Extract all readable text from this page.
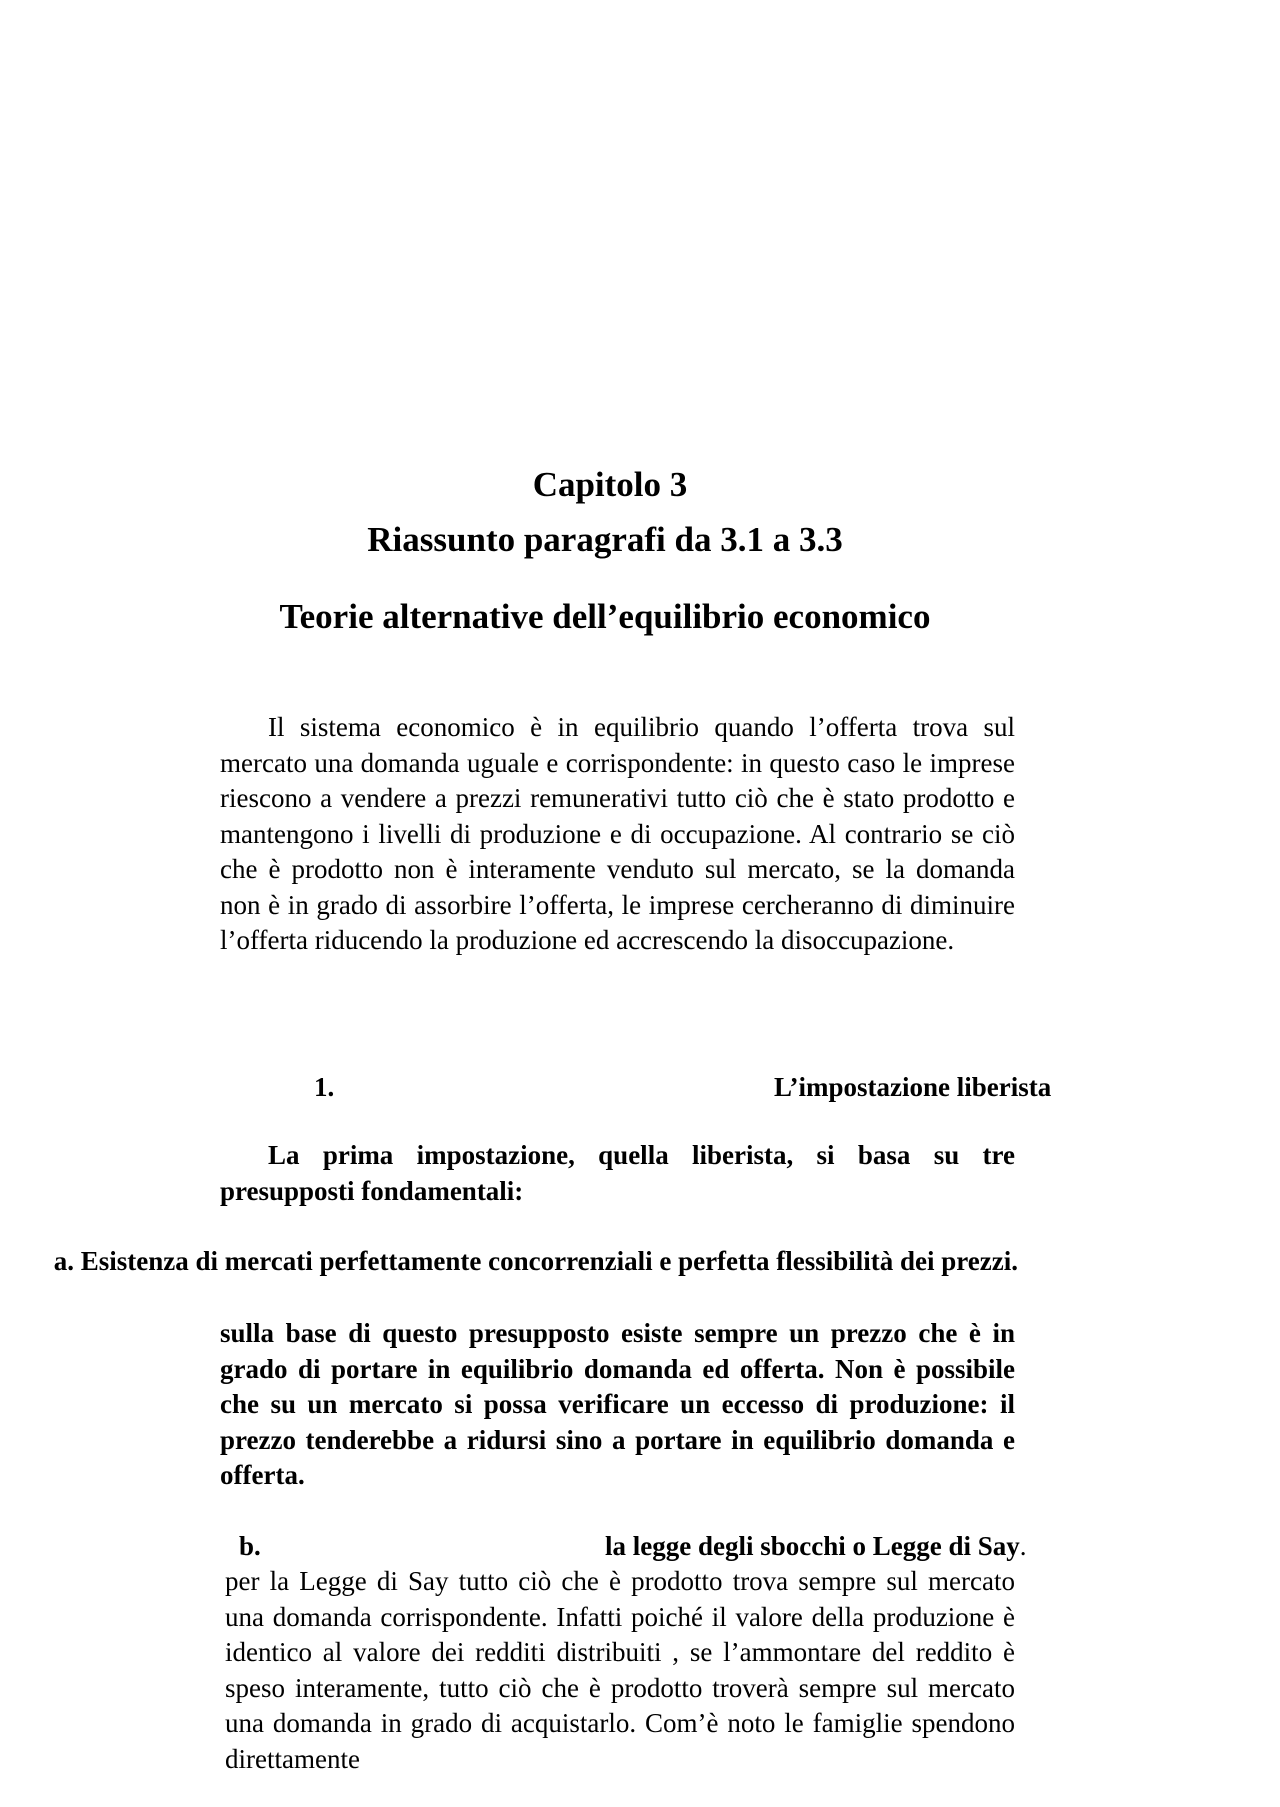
Capitolo 3
Riassunto paragrafi da 3.1 a 3.3
Teorie alternative dell’equilibrio economico
Il sistema economico è in equilibrio quando l’offerta trova sul mercato una domanda uguale e corrispondente: in questo caso le imprese riescono a vendere a prezzi remunerativi tutto ciò che è stato prodotto e mantengono i livelli di produzione e di occupazione. Al contrario se ciò che è prodotto non è interamente venduto sul mercato, se la domanda non è in grado di assorbire l’offerta, le imprese cercheranno di diminuire l’offerta riducendo la produzione ed accrescendo la disoccupazione.
1.	L’impostazione liberista
La prima impostazione, quella liberista, si basa su tre presupposti fondamentali:
a. Esistenza di mercati perfettamente concorrenziali e perfetta flessibilità dei prezzi.
sulla base di questo presupposto esiste sempre un prezzo che è in grado di portare in equilibrio domanda ed offerta. Non è possibile che su un mercato si possa verificare un eccesso di produzione: il prezzo tenderebbe a ridursi sino a portare in equilibrio domanda e offerta.
b.	la legge degli sbocchi o Legge di Say.
per la Legge di Say tutto ciò che è prodotto trova sempre sul mercato una domanda corrispondente. Infatti poiché il valore della produzione è identico al valore dei redditi distribuiti , se l’ammontare del reddito è speso interamente, tutto ciò che è prodotto troverà sempre sul mercato una domanda in grado di acquistarlo. Com’è noto le famiglie spendono direttamente
